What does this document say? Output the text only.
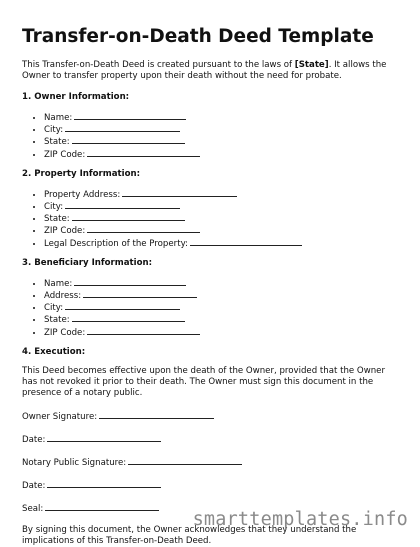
Transfer-on-Death Deed Template

This Transfer-on-Death Deed is created pursuant to the laws of [State]. It allows the Owner to transfer property upon their death without the need for probate.

1. Owner Information:
• Name:
• City:
• State:
• ZIP Code:
2. Property Information:
• Property Address:
• City:
• State:
• ZIP Code:
• Legal Description of the Property:
3. Beneficiary Information:
• Name:
• Address:
• City:
• State:
• ZIP Code:
4. Execution:

This Deed becomes effective upon the death of the Owner, provided that the Owner has not revoked it prior to their death. The Owner must sign this document in the presence of a notary public.

Owner Signature:

Date:

Notary Public Signature:

Date:

Seal:

By signing this document, the Owner acknowledges that they understand the implications of this Transfer-on-Death Deed.

smarttemplates.info
